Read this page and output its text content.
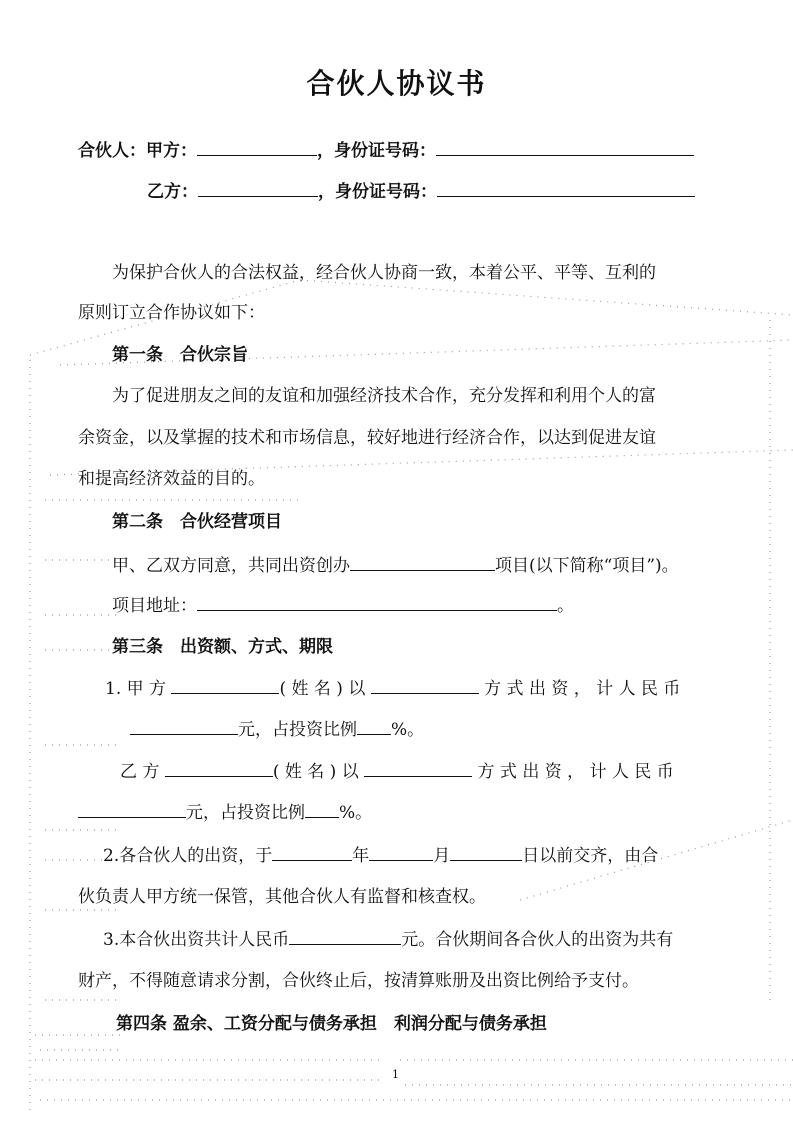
合伙人协议书
合伙人：甲方：	，身份证号码：
乙方：	，身份证号码：
为保护合伙人的合法权益，经合伙人协商一致，本着公平、平等、互利的
原则订立合作协议如下：
第一条　合伙宗旨
为了促进朋友之间的友谊和加强经济技术合作，充分发挥和利用个人的富
余资金，以及掌握的技术和市场信息，较好地进行经济合作，以达到促进友谊
和提高经济效益的目的。
第二条　合伙经营项目
甲、乙双方同意，共同出资创办	项目(以下简称“项目”)。
项目地址：	。
第三条　出资额、方式、期限
1. 甲 方	( 姓 名 ) 以	方 式 出 资 ， 计 人 民 币
元，占投资比例 %。
乙 方	( 姓 名 ) 以	方 式 出 资 ， 计 人 民 币
元，占投资比例 %。
2.各合伙人的出资，于	年	月	日以前交齐，由合
伙负责人甲方统一保管，其他合伙人有监督和核查权。
3.本合伙出资共计人民币	元。合伙期间各合伙人的出资为共有
财产，不得随意请求分割，合伙终止后，按清算账册及出资比例给予支付。
第四条 盈余、工资分配与债务承担　利润分配与债务承担
1
